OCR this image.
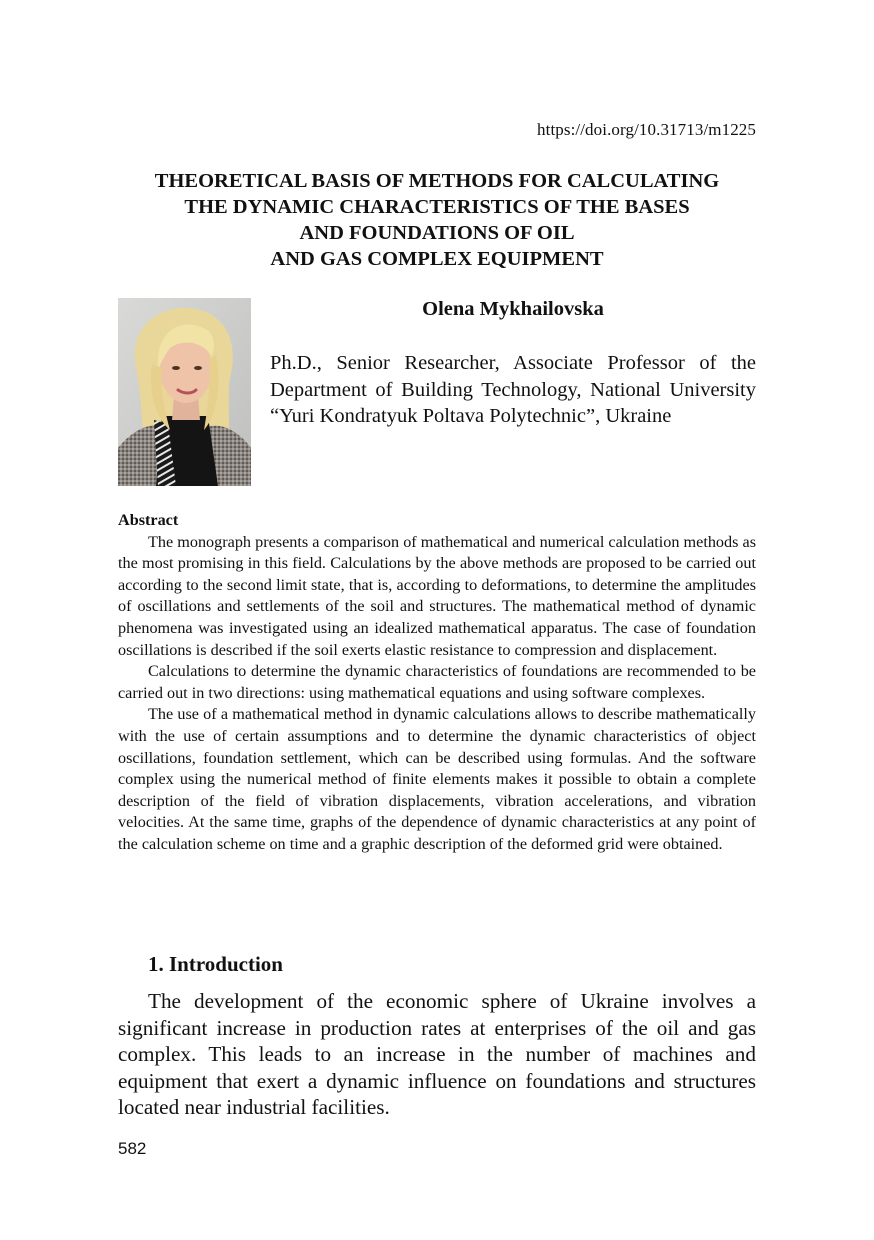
https://doi.org/10.31713/m1225
THEORETICAL BASIS OF METHODS FOR CALCULATING
THE DYNAMIC CHARACTERISTICS OF THE BASES
AND FOUNDATIONS OF OIL
AND GAS COMPLEX EQUIPMENT
Olena Mykhailovska
Ph.D., Senior Researcher, Associate Professor of the Department of Building Technology, National University “Yuri Kondratyuk Poltava Polytechnic”, Ukraine
Abstract

The monograph presents a comparison of mathematical and numerical calculation methods as the most promising in this field. Calculations by the above methods are proposed to be carried out according to the second limit state, that is, according to deformations, to determine the amplitudes of oscillations and settlements of the soil and structures. The mathematical method of dynamic phenomena was investigated using an idealized mathematical apparatus. The case of foundation oscillations is described if the soil exerts elastic resistance to compression and displacement.

Calculations to determine the dynamic characteristics of foundations are recommended to be carried out in two directions: using mathematical equations and using software complexes.

The use of a mathematical method in dynamic calculations allows to describe mathematically with the use of certain assumptions and to determine the dynamic characteristics of object oscillations, foundation settlement, which can be described using formulas. And the software complex using the numerical method of finite elements makes it possible to obtain a complete description of the field of vibration displacements, vibration accelerations, and vibration velocities. At the same time, graphs of the dependence of dynamic characteristics at any point of the calculation scheme on time and a graphic description of the deformed grid were obtained.

1. Introduction

The development of the economic sphere of Ukraine involves a significant increase in production rates at enterprises of the oil and gas complex. This leads to an increase in the number of machines and equipment that exert a dynamic influence on foundations and structures located near industrial facilities.

582
